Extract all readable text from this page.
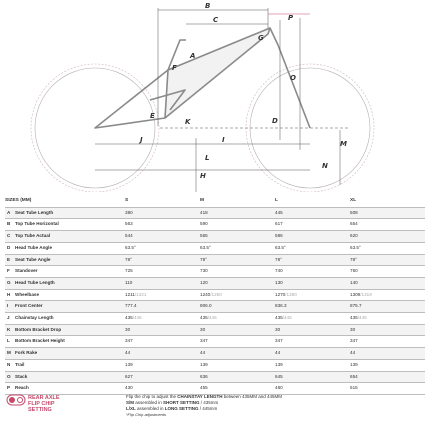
B
C	P
A
G
F
O
D
E
K
L
J	I
H
M
N
SIZES (MM)		S	M	L	XL
A	Seat Tube Length	380	418	445	508
B	Top Tube Horizontal	563	590	617	654
C	Top Tube Actual	544	565	586	620
D	Head Tube Angle	63.5°	63.5°	63.5°	63.5°
E	Seat Tube Angle	78°	78°	78°	78°
F	Standover	725	730	740	760
G	Head Tube Length	110	120	130	140
H	Wheelbase	1211/1221	1240/1250	1270/1280	1309/1319
I	Front Center	777.4	806.0	836.3	875.7
J	Chainstay Length	435/445	435/445	435/445	435/445
K	Bottom Bracket Drop	30	30	30	30
L	Bottom Bracket Height	347	347	347	347
M	Fork Rake	44	44	44	44
N	Trail	139	139	139	139
O	Stack	627	636	645	654
P	Reach	430	455	480	515
REAR AXLE FLIP CHIP SETTING
Flip the chip to adjust the CHAINSTAY LENGTH between 435MM and 445MM
S/M assembled in SHORT SETTING / 435mm
L/XL assembled in LONG SETTING / 445mm
*Flip Chip adjustments
